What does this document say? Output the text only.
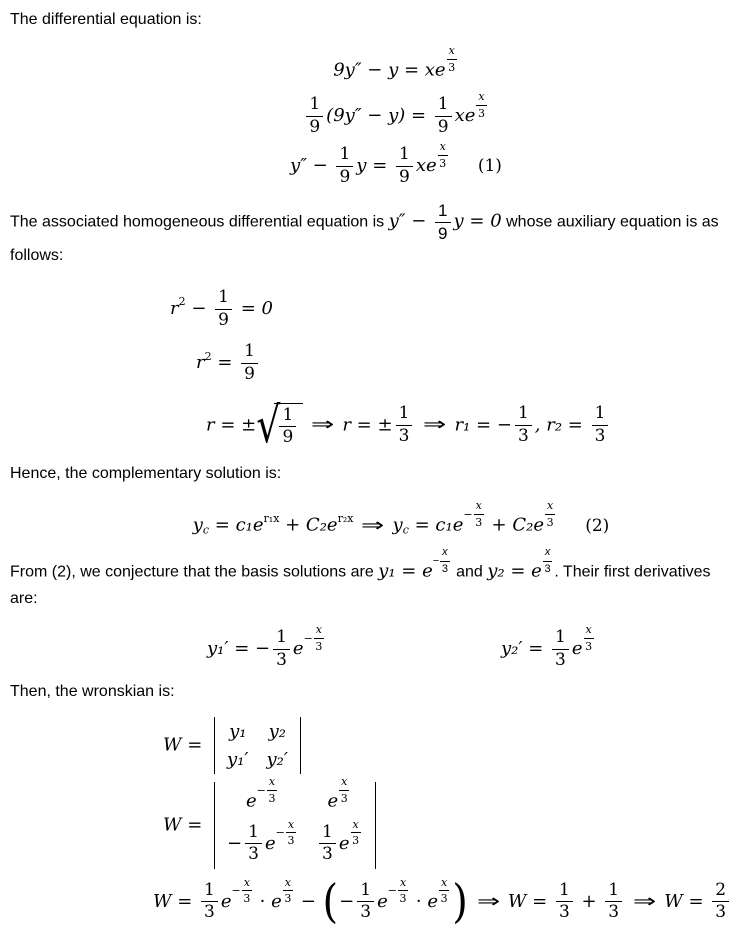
The differential equation is:

9y″ − y = xe $\frac{x}{3}$
$\frac{1}{9} (9y'' - y) = \frac{1}{9}$ xe $\frac{x}{3}$
$y'' - \frac{1}{9}$ $y = \frac{1}{9}$ xe $\frac{x}{3} (1)$

The associated homogeneous differential equation is $y'' - \frac{1}{9}$ y = 0 whose auxiliary equation is as follows:

$r^2 - \frac{1}{9} = 0$
$r^2 = \frac{1}{9}$
r = ± √ $\frac{1}{9}$ ⇒ r = ± $\frac{1}{3}$ ⇒ r₁ = − $\frac{1}{3}$ , $r_2 = \frac{1}{3}$

Hence, the complementary solution is:

yc = $c_1e^{r_1x} + C_2e^{r_2x}$ ⇒ yc = $c_1e^- \frac{x}{3} + C_2e \frac{x}{3} (2)$

From (2), we conjecture that the basis solutions are $y_1 = e^- \frac{x}{3}$ and y₂ = e $\frac{x}{3}$ . Their first derivatives are:

y₁′ = − $\frac{1}{3} e^- \frac{x}{3}$	$y_2' = \frac{1}{3}$ e $\frac{x}{3}$

Then, the wronskian is:

W =
y₁ y₂
y₁′ y₂′
W =
$e^- \frac{x}{3}$	e $\frac{x}{3}$
− $\frac{1}{3} e^- \frac{x}{3} \frac{1}{3}$ e $\frac{x}{3}$
$W = \frac{1}{3} e^- \frac{x}{3} \cdot e \frac{x}{3}$ − (− $\frac{1}{3} e^- \frac{x}{3} \cdot e \frac{x}{3}$ ) ⇒ $W = \frac{1}{3} + \frac{1}{3}$ ⇒ $W = \frac{2}{3}$
